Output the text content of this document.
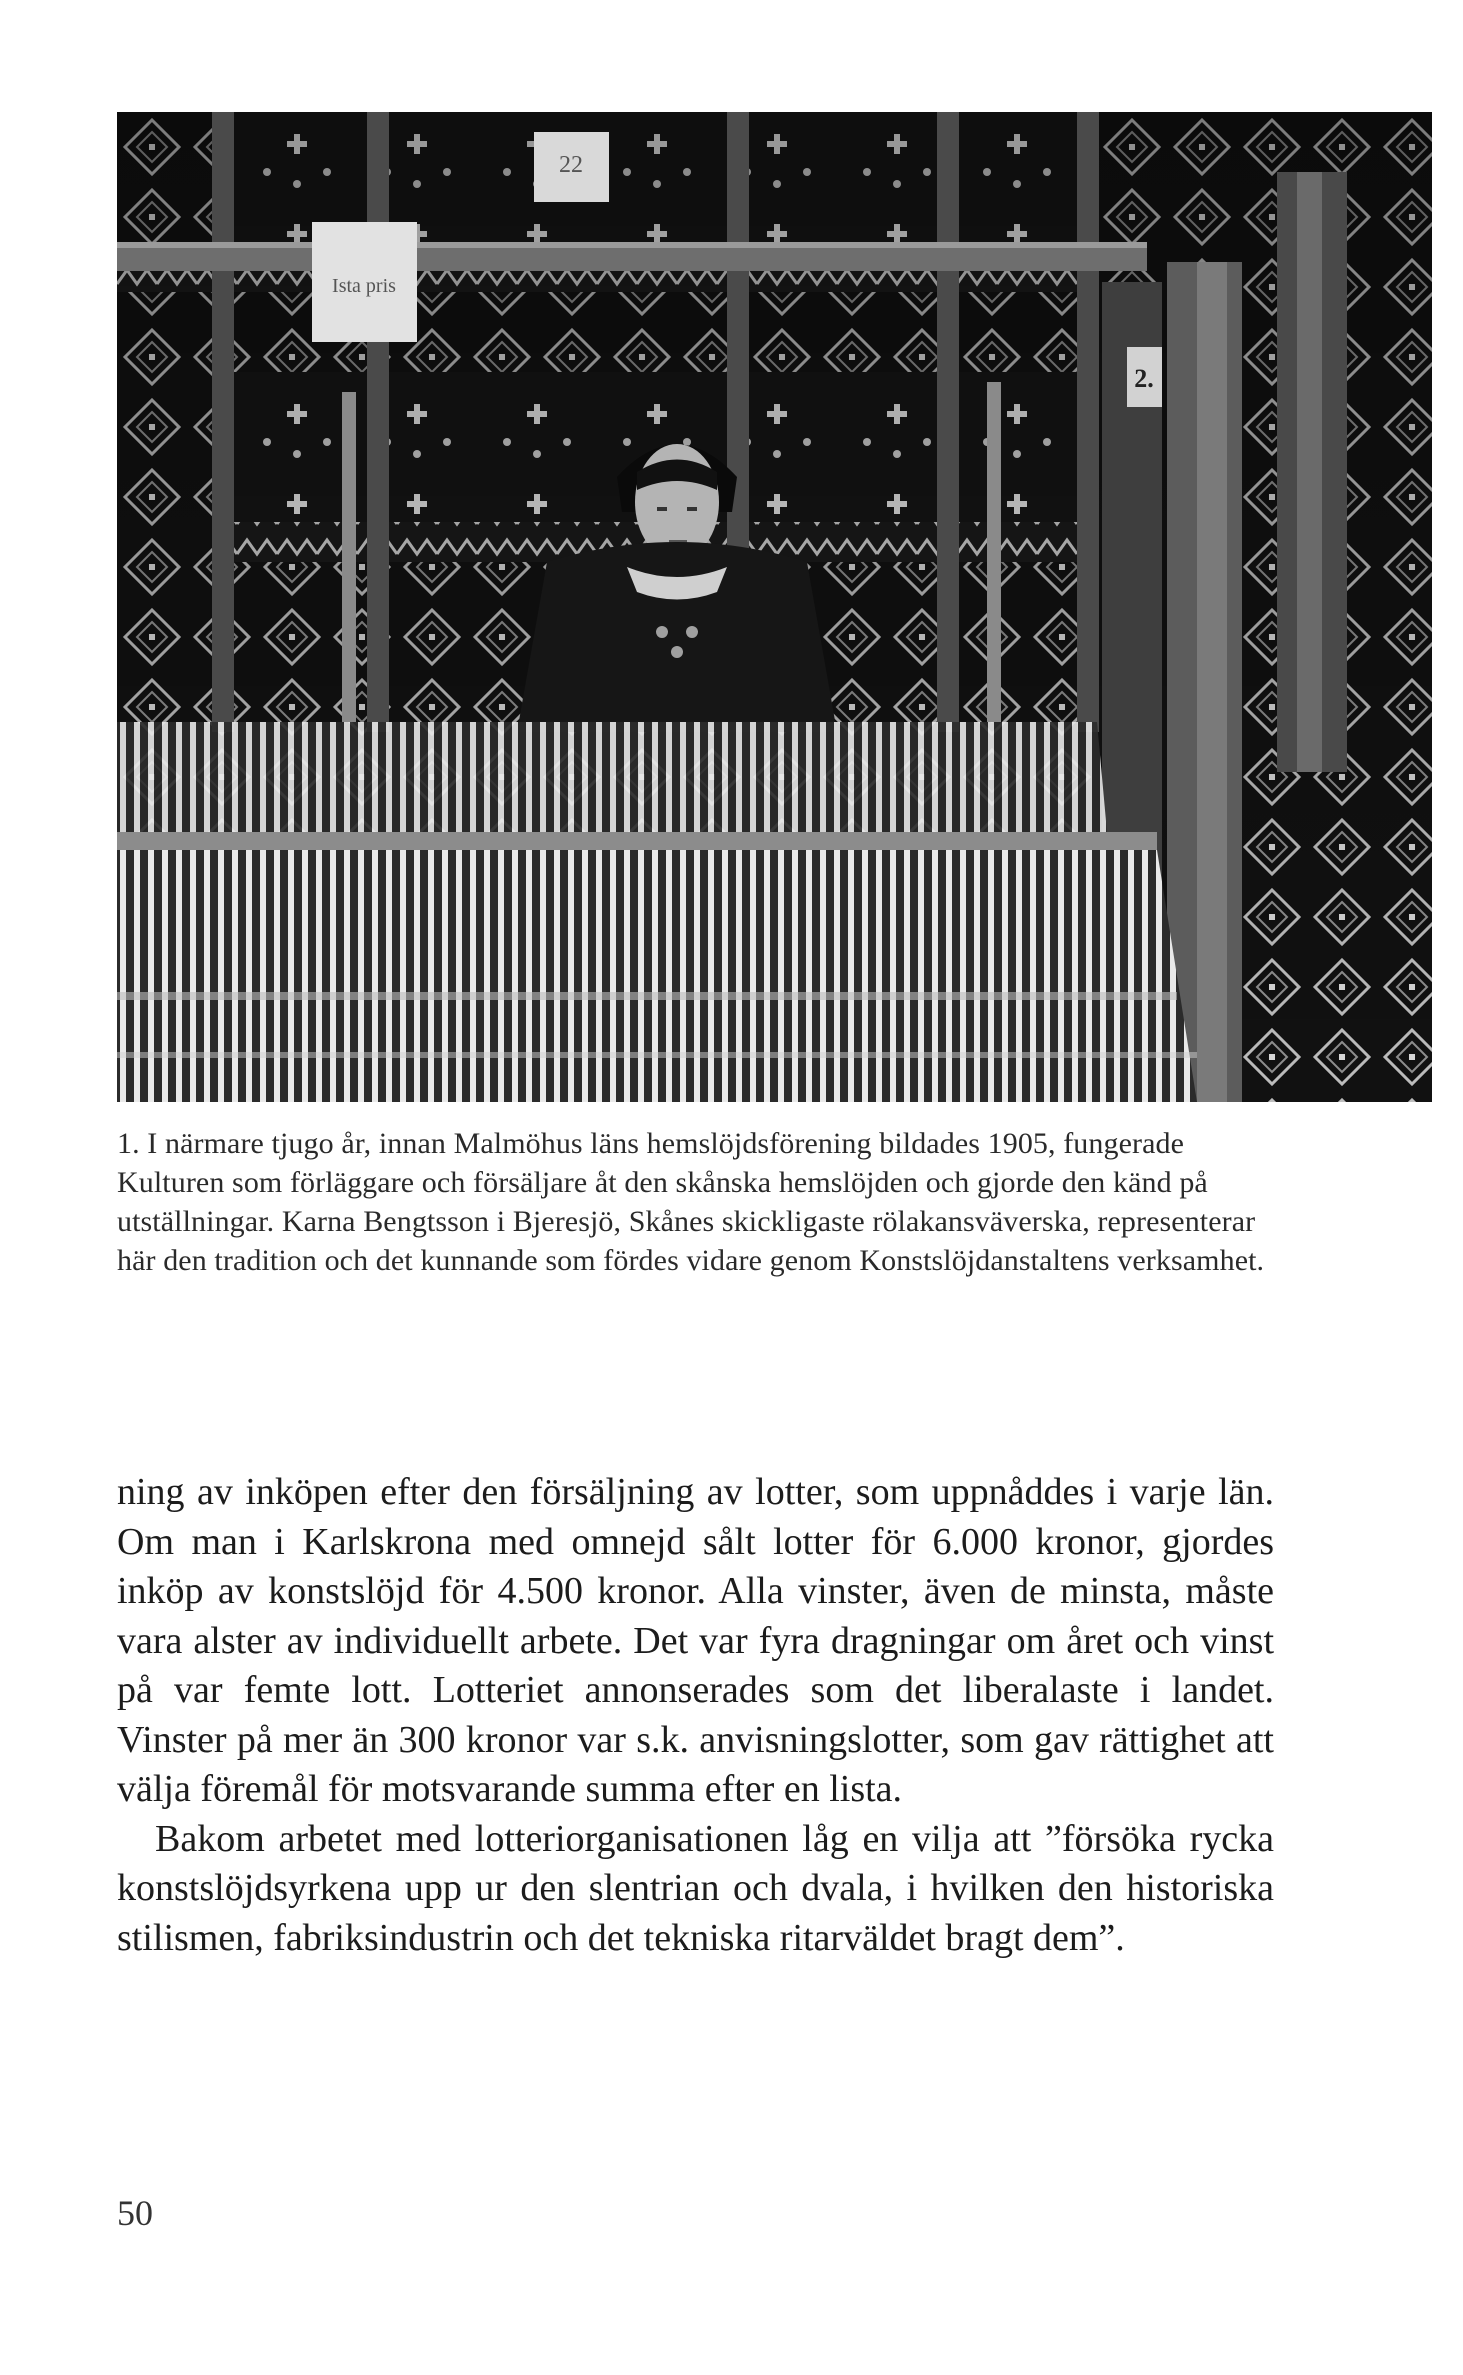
Ista pris
22
2.

1. I närmare tjugo år, innan Malmöhus läns hemslöjdsförening bildades 1905, fungerade Kulturen som förläggare och försäljare åt den skånska hemslöjden och gjorde den känd på utställningar. Karna Bengtsson i Bjeresjö, Skånes skickligaste rölakansväverska, representerar här den tradition och det kunnande som fördes vidare genom Konstslöjdanstaltens verksamhet.

ning av inköpen efter den försäljning av lotter, som uppnåddes i varje län. Om man i Karlskrona med omnejd sålt lotter för 6.000 kronor, gjordes inköp av konstslöjd för 4.500 kronor. Alla vinster, även de minsta, måste vara alster av individuellt arbete. Det var fyra dragningar om året och vinst på var femte lott. Lotteriet annonserades som det liberalaste i landet. Vinster på mer än 300 kronor var s.k. anvisningslotter, som gav rättighet att välja föremål för motsvarande summa efter en lista.

Bakom arbetet med lotteriorganisationen låg en vilja att ”försöka rycka konstslöjdsyrkena upp ur den slentrian och dvala, i hvilken den historiska stilismen, fabriksindustrin och det tekniska ritarväldet bragt dem”.

50
